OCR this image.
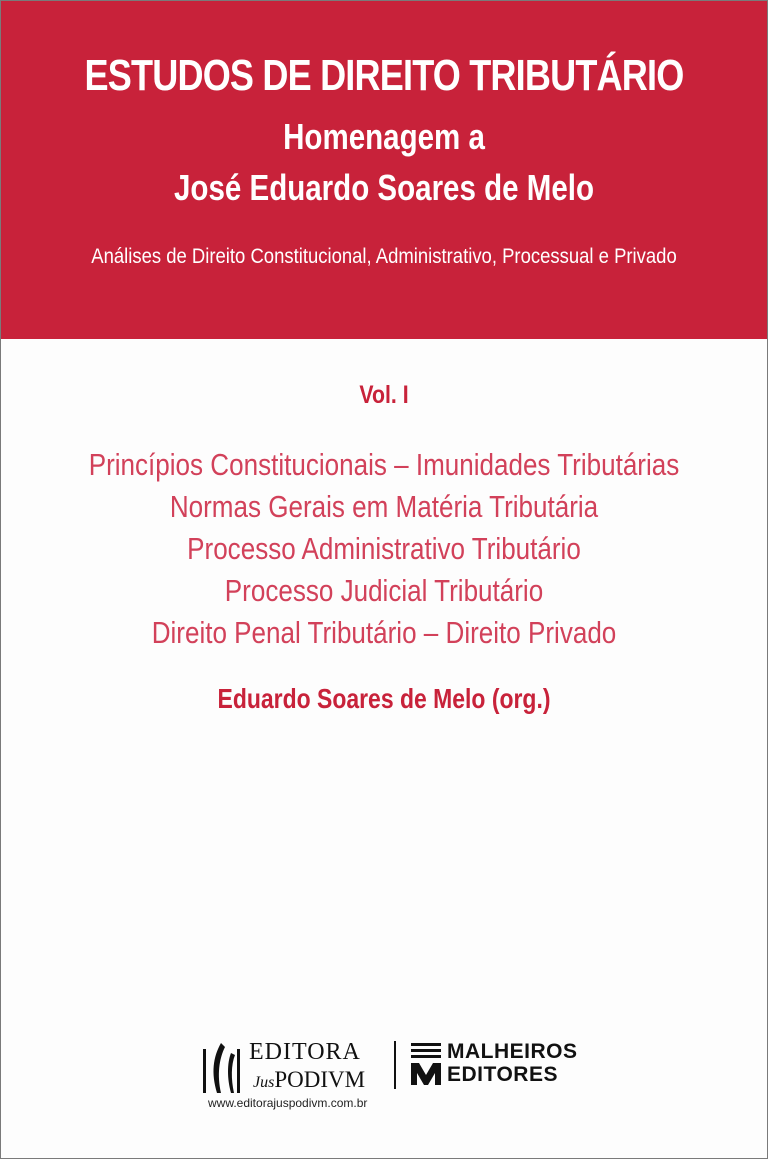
ESTUDOS DE DIREITO TRIBUTÁRIO
Homenagem a
José Eduardo Soares de Melo

Análises de Direito Constitucional, Administrativo, Processual e Privado

Vol. I
Princípios Constitucionais – Imunidades Tributárias
Normas Gerais em Matéria Tributária
Processo Administrativo Tributário
Processo Judicial Tributário
Direito Penal Tributário – Direito Privado
Eduardo Soares de Melo (org.)
EDITORA
JusPODIVM
MALHEIROS
EDITORES
www.editorajuspodivm.com.br
